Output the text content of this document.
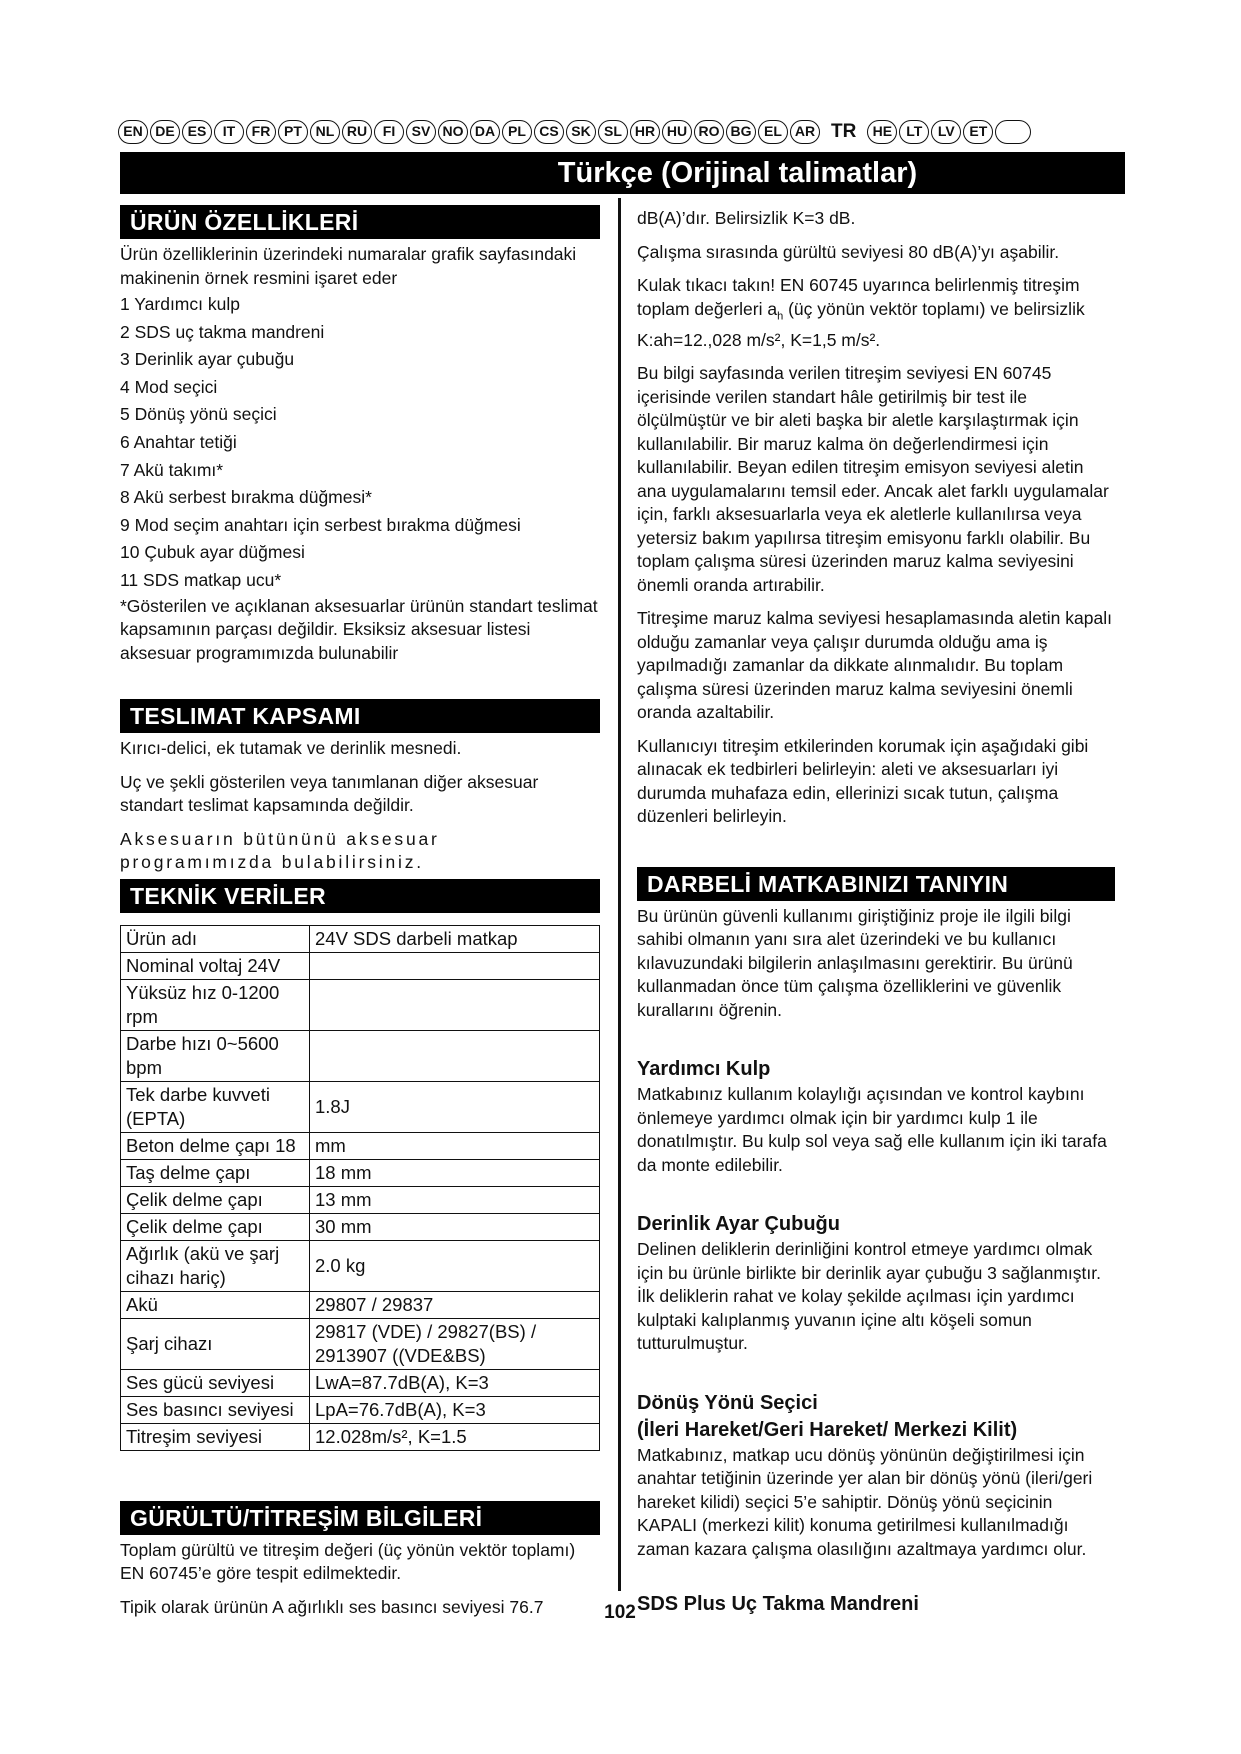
EN DE ES	IT	FR PT NL RU	FI	SV NO DA PL CS SK SL HR HU RO BG EL AR TR	HE	LT	LV	ET
Türkçe (Orijinal talimatlar)
ÜRÜN ÖZELLİKLERİ

Ürün özelliklerinin üzerindeki numaralar grafik sayfasındaki makinenin örnek resmini işaret eder

1 Yardımcı kulp

2 SDS uç takma mandreni

3 Derinlik ayar çubuğu

4 Mod seçici

5 Dönüş yönü seçici

6 Anahtar tetiği

7 Akü takımı*

8 Akü serbest bırakma düğmesi*

9 Mod seçim anahtarı için serbest bırakma düğmesi

10 Çubuk ayar düğmesi

11 SDS matkap ucu*

*Gösterilen ve açıklanan aksesuarlar ürünün standart teslimat kapsamının parçası değildir. Eksiksiz aksesuar listesi aksesuar programımızda bulunabilir

TESLIMAT KAPSAMI

Kırıcı-delici, ek tutamak ve derinlik mesnedi.

Uç ve şekli gösterilen veya tanımlanan diğer aksesuar standart teslimat kapsamında değildir.

Aksesuarın bütününü aksesuar programımızda bulabilirsiniz.

TEKNİK VERİLER
Ürün adı	24V SDS darbeli matkap
Nominal voltaj 24V	
Yüksüz hız 0-1200 rpm	
Darbe hızı 0~5600 bpm	
Tek darbe kuvveti (EPTA)	1.8J
Beton delme çapı 18	mm
Taş delme çapı	18 mm
Çelik delme çapı	13 mm
Çelik delme çapı	30 mm
Ağırlık (akü ve şarj cihazı hariç)	2.0 kg
Akü	29807 / 29837
Şarj cihazı	29817 (VDE) / 29827(BS) / 2913907 ((VDE&BS)
Ses gücü seviyesi	LwA=87.7dB(A), K=3
Ses basıncı seviyesi	LpA=76.7dB(A), K=3
Titreşim seviyesi	12.028m/s², K=1.5
GÜRÜLTÜ/TİTREŞİM BİLGİLERİ

Toplam gürültü ve titreşim değeri (üç yönün vektör toplamı) EN 60745’e göre tespit edilmektedir.

Tipik olarak ürünün A ağırlıklı ses basıncı seviyesi 76.7

dB(A)’dır. Belirsizlik K=3 dB.

Çalışma sırasında gürültü seviyesi 80 dB(A)’yı aşabilir.

Kulak tıkacı takın! EN 60745 uyarınca belirlenmiş titreşim toplam değerleri $a_h$ (üç yönün vektör toplamı) ve belirsizlik K:ah=12.,028 m/s², K=1,5 m/s².

Bu bilgi sayfasında verilen titreşim seviyesi EN 60745 içerisinde verilen standart hâle getirilmiş bir test ile ölçülmüştür ve bir aleti başka bir aletle karşılaştırmak için kullanılabilir. Bir maruz kalma ön değerlendirmesi için kullanılabilir. Beyan edilen titreşim emisyon seviyesi aletin ana uygulamalarını temsil eder. Ancak alet farklı uygulamalar için, farklı aksesuarlarla veya ek aletlerle kullanılırsa veya yetersiz bakım yapılırsa titreşim emisyonu farklı olabilir. Bu toplam çalışma süresi üzerinden maruz kalma seviyesini önemli oranda artırabilir.

Titreşime maruz kalma seviyesi hesaplamasında aletin kapalı olduğu zamanlar veya çalışır durumda olduğu ama iş yapılmadığı zamanlar da dikkate alınmalıdır. Bu toplam çalışma süresi üzerinden maruz kalma seviyesini önemli oranda azaltabilir.

Kullanıcıyı titreşim etkilerinden korumak için aşağıdaki gibi alınacak ek tedbirleri belirleyin: aleti ve aksesuarları iyi durumda muhafaza edin, ellerinizi sıcak tutun, çalışma düzenleri belirleyin.

DARBELİ MATKABINIZI TANIYIN

Bu ürünün güvenli kullanımı giriştiğiniz proje ile ilgili bilgi sahibi olmanın yanı sıra alet üzerindeki ve bu kullanıcı kılavuzundaki bilgilerin anlaşılmasını gerektirir. Bu ürünü kullanmadan önce tüm çalışma özelliklerini ve güvenlik kurallarını öğrenin.

Yardımcı Kulp

Matkabınız kullanım kolaylığı açısından ve kontrol kaybını önlemeye yardımcı olmak için bir yardımcı kulp 1 ile donatılmıştır. Bu kulp sol veya sağ elle kullanım için iki tarafa da monte edilebilir.

Derinlik Ayar Çubuğu

Delinen deliklerin derinliğini kontrol etmeye yardımcı olmak için bu ürünle birlikte bir derinlik ayar çubuğu 3 sağlanmıştır. İlk deliklerin rahat ve kolay şekilde açılması için yardımcı kulptaki kalıplanmış yuvanın içine altı köşeli somun tutturulmuştur.

Dönüş Yönü Seçici

(İleri Hareket/Geri Hareket/ Merkezi Kilit)

Matkabınız, matkap ucu dönüş yönünün değiştirilmesi için anahtar tetiğinin üzerinde yer alan bir dönüş yönü (ileri/geri hareket kilidi) seçici 5’e sahiptir. Dönüş yönü seçicinin KAPALI (merkezi kilit) konuma getirilmesi kullanılmadığı zaman kazara çalışma olasılığını azaltmaya yardımcı olur.

SDS Plus Uç Takma Mandreni

102
